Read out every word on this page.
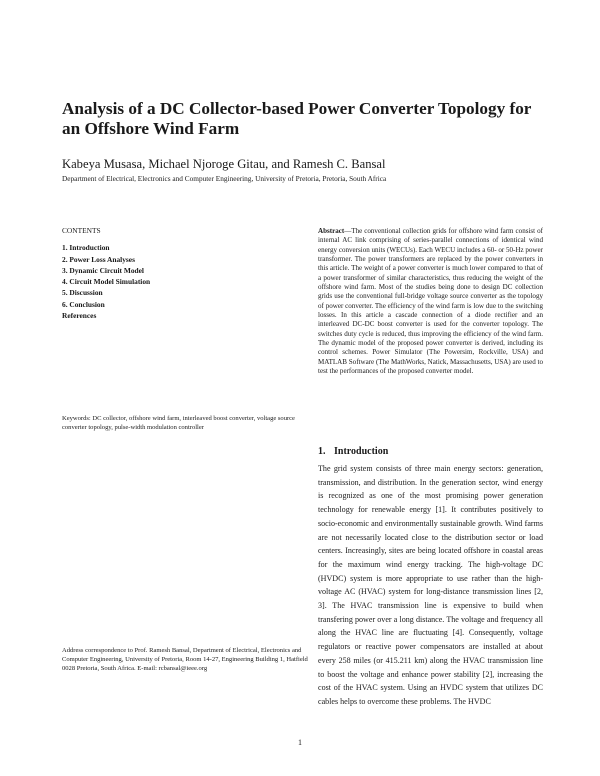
Analysis of a DC Collector-based Power Converter Topology for an Offshore Wind Farm
Kabeya Musasa, Michael Njoroge Gitau, and Ramesh C. Bansal
Department of Electrical, Electronics and Computer Engineering, University of Pretoria, Pretoria, South Africa
CONTENTS
1. Introduction
2. Power Loss Analyses
3. Dynamic Circuit Model
4. Circuit Model Simulation
5. Discussion
6. Conclusion
References
Abstract—The conventional collection grids for offshore wind farm consist of internal AC link comprising of series-parallel connections of identical wind energy conversion units (WECUs). Each WECU includes a 60- or 50-Hz power transformer. The power transformers are replaced by the power converters in this article. The weight of a power converter is much lower compared to that of a power transformer of similar characteristics, thus reducing the weight of the offshore wind farm. Most of the studies being done to design DC collection grids use the conventional full-bridge voltage source converter as the topology of power converter. The efficiency of the wind farm is low due to the switching losses. In this article a cascade connection of a diode rectifier and an interleaved DC-DC boost converter is used for the converter topology. The switches duty cycle is reduced, thus improving the efficiency of the wind farm. The dynamic model of the proposed power converter is derived, including its control schemes. Power Simulator (The Powersim, Rockville, USA) and MATLAB Software (The MathWorks, Natick, Massachusetts, USA) are used to test the performances of the proposed converter model.
Keywords: DC collector, offshore wind farm, interleaved boost converter, voltage source converter topology, pulse-width modulation controller
1. Introduction
The grid system consists of three main energy sectors: generation, transmission, and distribution. In the generation sector, wind energy is recognized as one of the most promising power generation technology for renewable energy [1]. It contributes positively to socio-economic and environmentally sustainable growth. Wind farms are not necessarily located close to the distribution sector or load centers. Increasingly, sites are being located offshore in coastal areas for the maximum wind energy tracking. The high-voltage DC (HVDC) system is more appropriate to use rather than the high-voltage AC (HVAC) system for long-distance transmission lines [2, 3]. The HVAC transmission line is expensive to build when transfering power over a long distance. The voltage and frequency all along the HVAC line are fluctuating [4]. Consequently, voltage regulators or reactive power compensators are installed at about every 258 miles (or 415.211 km) along the HVAC transmission line to boost the voltage and enhance power stability [2], increasing the cost of the HVAC system. Using an HVDC system that utilizes DC cables helps to overcome these problems. The HVDC
Address correspondence to Prof. Ramesh Bansal, Department of Electrical, Electronics and Computer Engineering, University of Pretoria, Room 14-27, Engineering Building 1, Hatfield 0028 Pretoria, South Africa. E-mail: rcbansal@ieee.org
1
